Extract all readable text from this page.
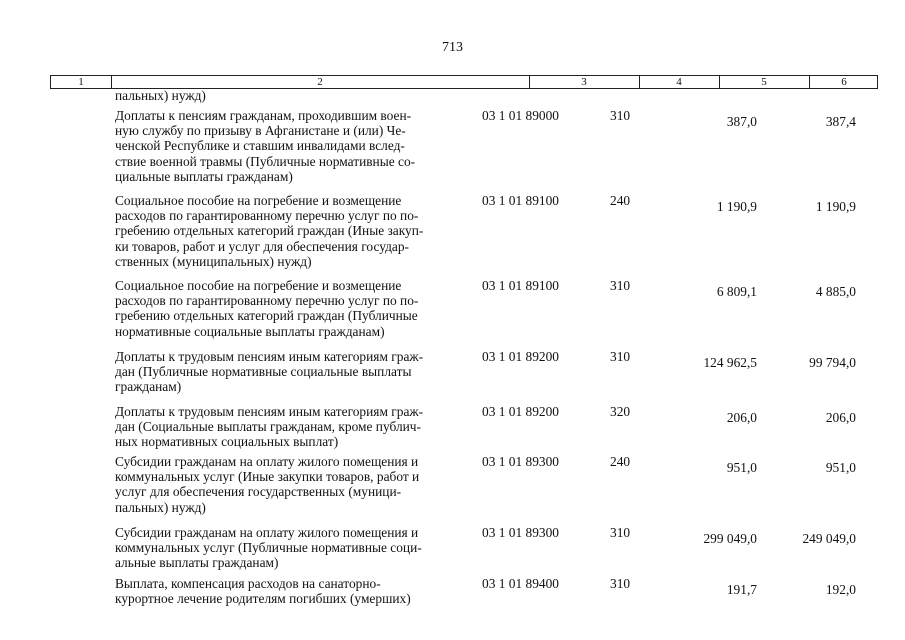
713
1	2	3	4	5	6
пальных) нужд)
Доплаты к пенсиям гражданам, проходившим воен-
ную службу по призыву в Афганистане и (или) Че-
ченской Республике и ставшим инвалидами вслед-
ствие военной травмы (Публичные нормативные со-
циальные выплаты гражданам)
03 1 01 89000	310	387,0	387,4
Социальное пособие на погребение и возмещение
расходов по гарантированному перечню услуг по по-
гребению отдельных категорий граждан (Иные закуп-
ки товаров, работ и услуг для обеспечения государ-
ственных (муниципальных) нужд)
03 1 01 89100	240	1 190,9	1 190,9
Социальное пособие на погребение и возмещение
расходов по гарантированному перечню услуг по по-
гребению отдельных категорий граждан (Публичные
нормативные социальные выплаты гражданам)
03 1 01 89100	310	6 809,1	4 885,0
Доплаты к трудовым пенсиям иным категориям граж-
дан (Публичные нормативные социальные выплаты
гражданам)
03 1 01 89200	310	124 962,5	99 794,0
Доплаты к трудовым пенсиям иным категориям граж-
дан (Социальные выплаты гражданам, кроме публич-
ных нормативных социальных выплат)
03 1 01 89200	320	206,0	206,0
Субсидии гражданам на оплату жилого помещения и
коммунальных услуг (Иные закупки товаров, работ и
услуг для обеспечения государственных (муници-
пальных) нужд)
03 1 01 89300	240	951,0	951,0
Субсидии гражданам на оплату жилого помещения и
коммунальных услуг (Публичные нормативные соци-
альные выплаты гражданам)
03 1 01 89300	310	299 049,0	249 049,0
Выплата, компенсация расходов на санаторно-
курортное лечение родителям погибших (умерших)
03 1 01 89400	310	191,7	192,0
